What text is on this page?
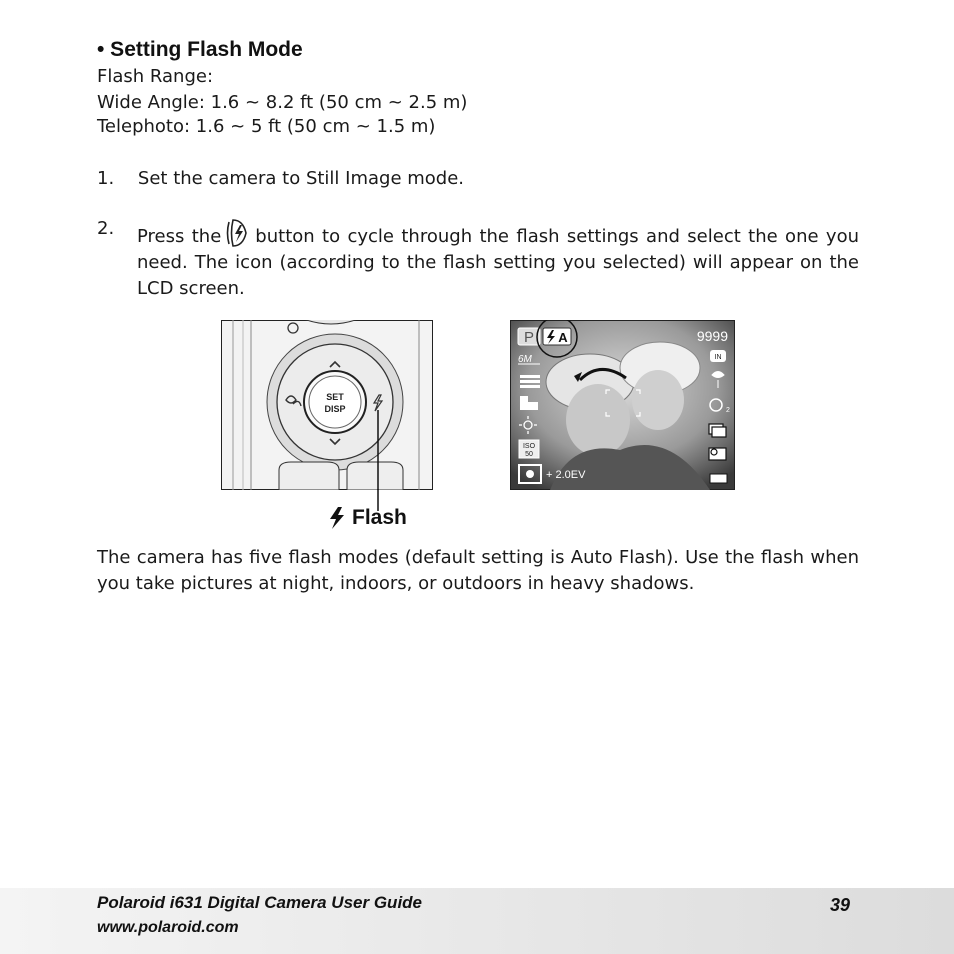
• Setting Flash Mode
Flash Range:
Wide Angle: 1.6 ~ 8.2 ft (50 cm ~ 2.5 m)
Telephoto: 1.6 ~ 5 ft (50 cm ~ 1.5 m)
1. Set the camera to Still Image mode.
2. Press the button to cycle through the flash settings and select the one you need. The icon (according to the flash setting you selected) will appear on the LCD screen.
SET
DISP
Flash
P A
6M
ISO
50
+ 2.0EV
9999
IN
2
The camera has five flash modes (default setting is Auto Flash). Use the flash when you take pictures at night, indoors, or outdoors in heavy shadows.
Polaroid i631 Digital Camera User Guide
www.polaroid.com
39
